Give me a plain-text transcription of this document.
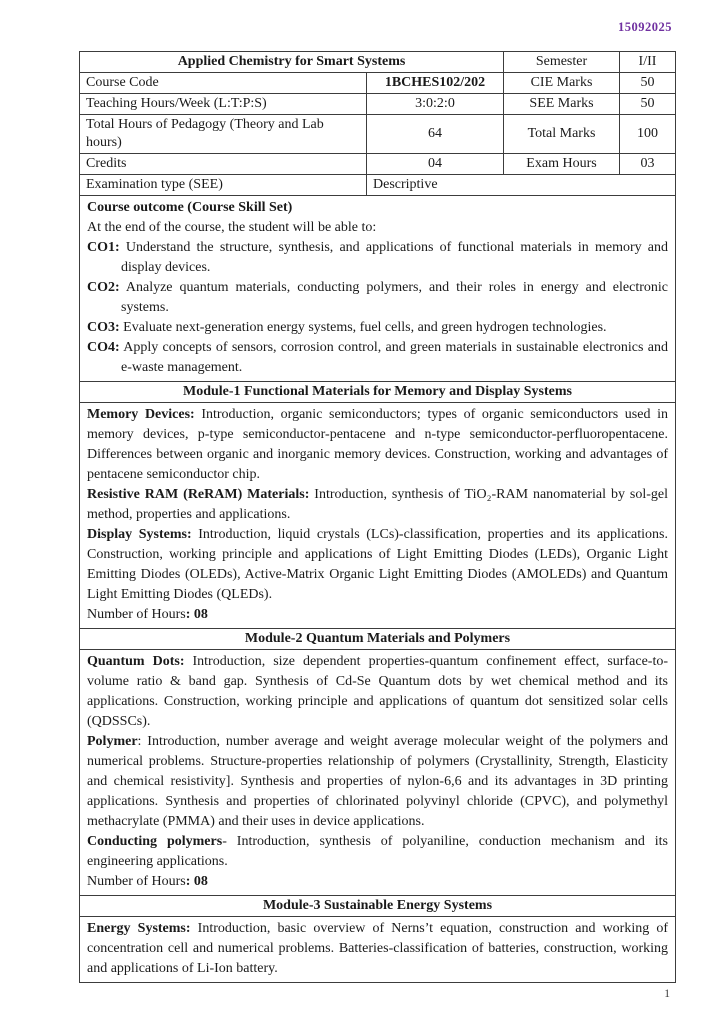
15092025
Applied Chemistry for Smart Systems		Semester	I/II
Course Code	1BCHES102/202	CIE Marks	50
Teaching Hours/Week (L:T:P:S)	3:0:2:0	SEE Marks	50
Total Hours of Pedagogy (Theory and Lab hours)	64	Total Marks	100
Credits	04	Exam Hours	03
Examination type (SEE)	Descriptive		

Course outcome (Course Skill Set)

At the end of the course, the student will be able to:

CO1: Understand the structure, synthesis, and applications of functional materials in memory and display devices.

CO2: Analyze quantum materials, conducting polymers, and their roles in energy and electronic systems.

CO3: Evaluate next-generation energy systems, fuel cells, and green hydrogen technologies.

CO4: Apply concepts of sensors, corrosion control, and green materials in sustainable electronics and e-waste management.

Module-1 Functional Materials for Memory and Display Systems

Memory Devices: Introduction, organic semiconductors; types of organic semiconductors used in memory devices, p-type semiconductor-pentacene and n-type semiconductor-perfluoropentacene. Differences between organic and inorganic memory devices. Construction, working and advantages of pentacene semiconductor chip.

Resistive RAM (ReRAM) Materials: Introduction, synthesis of TiO₂-RAM nanomaterial by sol-gel method, properties and applications.

Display Systems: Introduction, liquid crystals (LCs)-classification, properties and its applications. Construction, working principle and applications of Light Emitting Diodes (LEDs), Organic Light Emitting Diodes (OLEDs), Active-Matrix Organic Light Emitting Diodes (AMOLEDs) and Quantum Light Emitting Diodes (QLEDs).

Number of Hours: 08

Module-2 Quantum Materials and Polymers

Quantum Dots: Introduction, size dependent properties-quantum confinement effect, surface-to-volume ratio & band gap. Synthesis of Cd-Se Quantum dots by wet chemical method and its applications. Construction, working principle and applications of quantum dot sensitized solar cells (QDSSCs).

Polymer: Introduction, number average and weight average molecular weight of the polymers and numerical problems. Structure-properties relationship of polymers (Crystallinity, Strength, Elasticity and chemical resistivity]. Synthesis and properties of nylon-6,6 and its advantages in 3D printing applications. Synthesis and properties of chlorinated polyvinyl chloride (CPVC), and polymethyl methacrylate (PMMA) and their uses in device applications.

Conducting polymers- Introduction, synthesis of polyaniline, conduction mechanism and its engineering applications.

Number of Hours: 08

Module-3 Sustainable Energy Systems

Energy Systems: Introduction, basic overview of Nerns’t equation, construction and working of concentration cell and numerical problems. Batteries-classification of batteries, construction, working and applications of Li-Ion battery.

1
